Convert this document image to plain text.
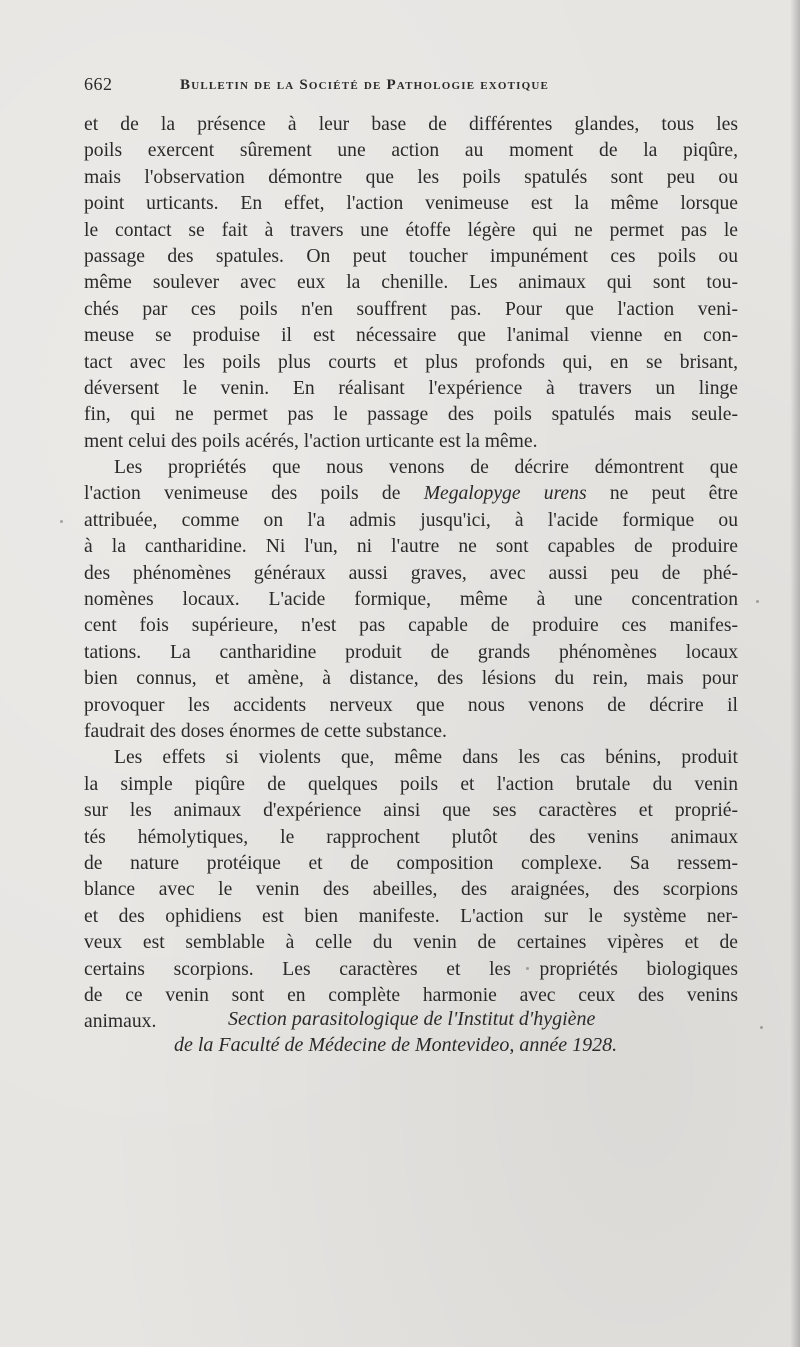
662	Bulletin de la Société de Pathologie exotique
et de la présence à leur base de différentes glandes, tous les
poils exercent sûrement une action au moment de la piqûre,
mais l'observation démontre que les poils spatulés sont peu ou
point urticants. En effet, l'action venimeuse est la même lorsque
le contact se fait à travers une étoffe légère qui ne permet pas le
passage des spatules. On peut toucher impunément ces poils ou
même soulever avec eux la chenille. Les animaux qui sont tou-
chés par ces poils n'en souffrent pas. Pour que l'action veni-
meuse se produise il est nécessaire que l'animal vienne en con-
tact avec les poils plus courts et plus profonds qui, en se brisant,
déversent le venin. En réalisant l'expérience à travers un linge
fin, qui ne permet pas le passage des poils spatulés mais seule-
ment celui des poils acérés, l'action urticante est la même.
Les propriétés que nous venons de décrire démontrent que
l'action venimeuse des poils de Megalopyge urens ne peut être
attribuée, comme on l'a admis jusqu'ici, à l'acide formique ou
à la cantharidine. Ni l'un, ni l'autre ne sont capables de produire
des phénomènes généraux aussi graves, avec aussi peu de phé-
nomènes locaux. L'acide formique, même à une concentration
cent fois supérieure, n'est pas capable de produire ces manifes-
tations. La cantharidine produit de grands phénomènes locaux
bien connus, et amène, à distance, des lésions du rein, mais pour
provoquer les accidents nerveux que nous venons de décrire il
faudrait des doses énormes de cette substance.
Les effets si violents que, même dans les cas bénins, produit
la simple piqûre de quelques poils et l'action brutale du venin
sur les animaux d'expérience ainsi que ses caractères et proprié-
tés hémolytiques, le rapprochent plutôt des venins animaux
de nature protéique et de composition complexe. Sa ressem-
blance avec le venin des abeilles, des araignées, des scorpions
et des ophidiens est bien manifeste. L'action sur le système ner-
veux est semblable à celle du venin de certaines vipères et de
certains scorpions. Les caractères et les propriétés biologiques
de ce venin sont en complète harmonie avec ceux des venins
animaux.	Section parasitologique de l'Institut d'hygiène
de la Faculté de Médecine de Montevideo, année 1928.
